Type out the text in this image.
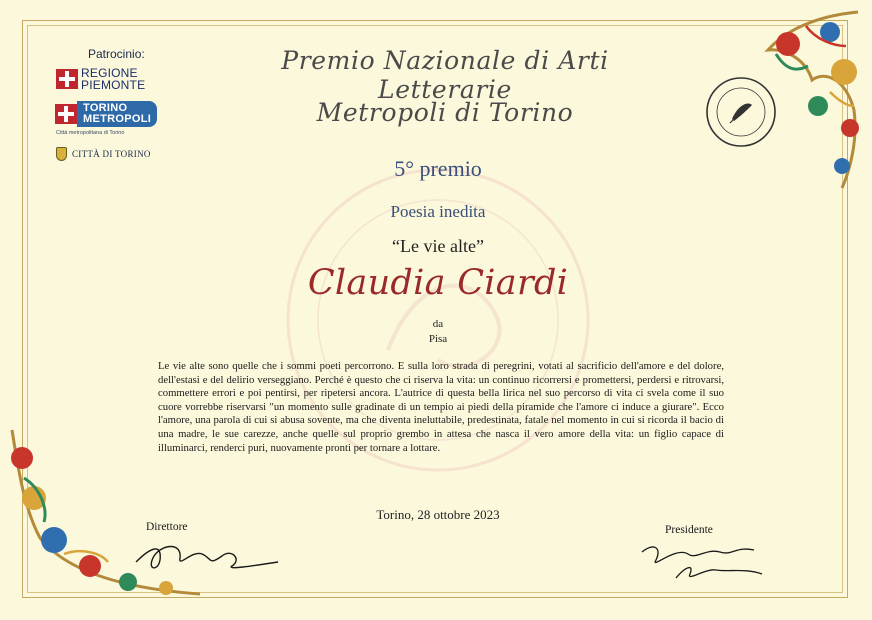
Patrocinio:
REGIONE
PIEMONTE
TORINO
METROPOLI
Città metropolitana di Torino
CITTÀ DI TORINO
Premio Nazionale di Arti Letterarie
Metropoli di Torino
5° premio
Poesia inedita
“Le vie alte”
Claudia Ciardi
da
Pisa
Le vie alte sono quelle che i sommi poeti percorrono. E sulla loro strada di peregrini, votati al sacrificio dell'amore e del dolore, dell'estasi e del delirio verseggiano. Perché è questo che ci riserva la vita: un continuo ricorrersi e promettersi, perdersi e ritrovarsi, commettere errori e poi pentirsi, per ripetersi ancora. L'autrice di questa bella lirica nel suo percorso di vita ci svela come il suo cuore vorrebbe riservarsi "un momento sulle gradinate di un tempio ai piedi della piramide che l'amore ci induce a giurare". Ecco l'amore, una parola di cui si abusa sovente, ma che diventa ineluttabile, predestinata, fatale nel momento in cui si ricorda il bacio di una madre, le sue carezze, anche quelle sul proprio grembo in attesa che nasca il vero amore della vita: un figlio capace di illuminarci, renderci puri, nuovamente pronti per tornare a lottare.
Torino, 28 ottobre 2023
Direttore	Presidente
